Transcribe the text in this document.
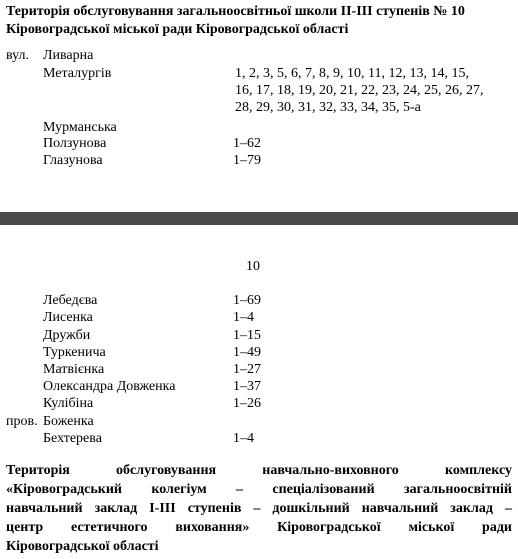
Територія обслуговування загальноосвітньої школи ІІ-ІІІ ступенів № 10
Кіровоградської міської ради Кіровоградської області
вул. Ливарна
Металургів	1, 2, 3, 5, 6, 7, 8, 9, 10, 11, 12, 13, 14, 15,
16, 17, 18, 19, 20, 21, 22, 23, 24, 25, 26, 27,
28, 29, 30, 31, 32, 33, 34, 35, 5-а
Мурманська
Ползунова	1–62
Глазунова	1–79
10
Лебедєва	1–69
Лисенка	1–4
Дружби	1–15
Туркенича	1–49
Матвієнка	1–27
Олександра Довженка	1–37
Кулібіна	1–26
пров. Боженка
Бехтерева	1–4
Територія	обслуговування	навчально-виховного	комплексу
«Кіровоградський колегіум – спеціалізований загальноосвітній
навчальний заклад І-ІІІ ступенів – дошкільний навчальний заклад –
центр естетичного виховання» Кіровоградської міської ради
Кіровоградської області
